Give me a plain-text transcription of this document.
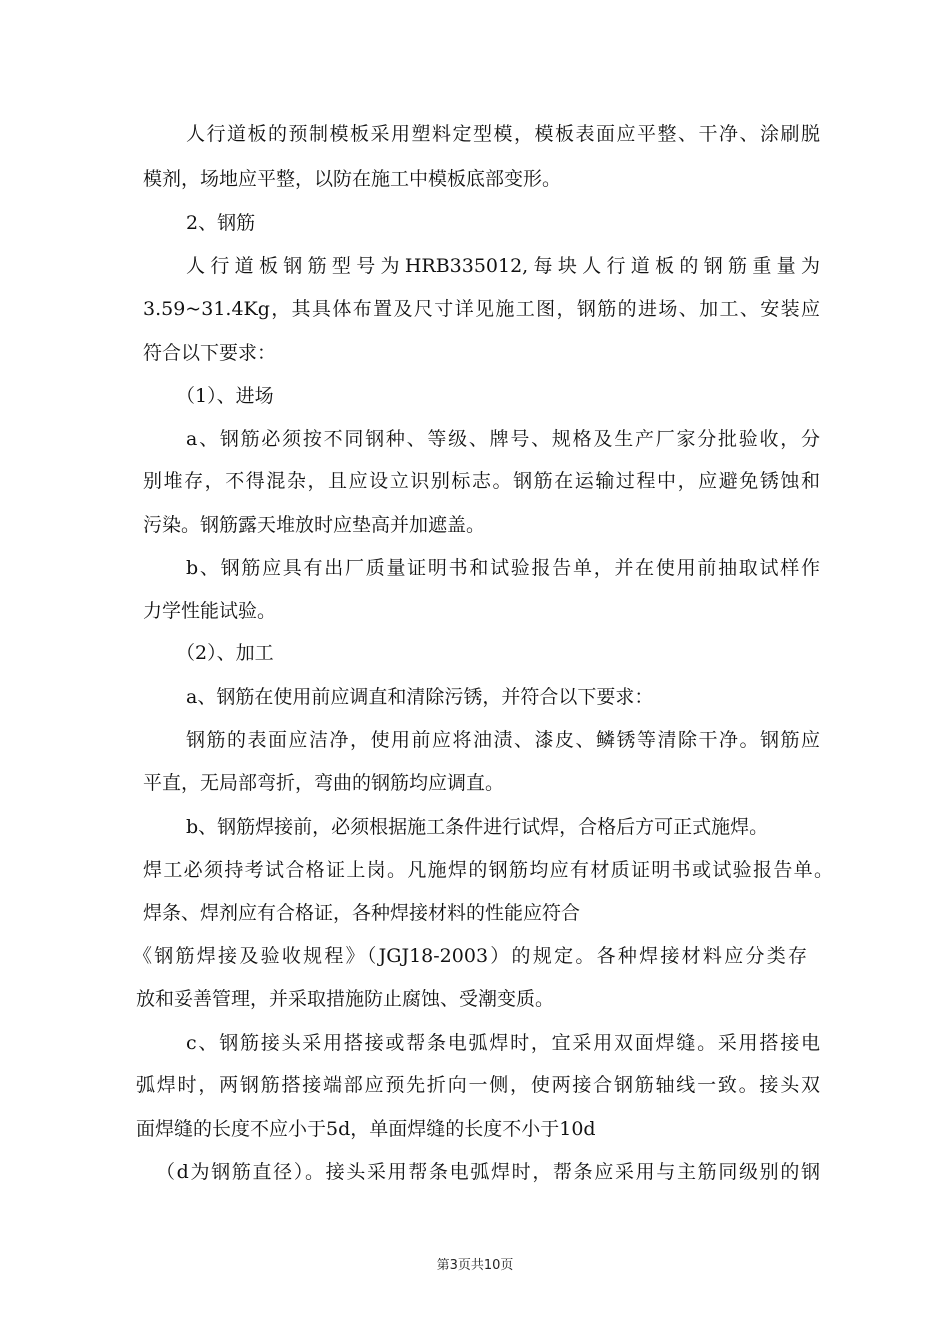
人行道板的预制模板采用塑料定型模，模板表面应平整、干净、涂刷脱
模剂，场地应平整，以防在施工中模板底部变形。
2、钢筋
人行道板钢筋型号为HRB335012,每块人行道板的钢筋重量为
3.59~31.4Kg，其具体布置及尺寸详见施工图，钢筋的进场、加工、安装应
符合以下要求：
（1）、进场
a、钢筋必须按不同钢种、等级、牌号、规格及生产厂家分批验收，分
别堆存，不得混杂，且应设立识别标志。钢筋在运输过程中，应避免锈蚀和
污染。钢筋露天堆放时应垫高并加遮盖。
b、钢筋应具有出厂质量证明书和试验报告单，并在使用前抽取试样作
力学性能试验。
（2）、加工
a、钢筋在使用前应调直和清除污锈，并符合以下要求：
钢筋的表面应洁净，使用前应将油渍、漆皮、鳞锈等清除干净。钢筋应
平直，无局部弯折，弯曲的钢筋均应调直。
b、钢筋焊接前，必须根据施工条件进行试焊，合格后方可正式施焊。
焊工必须持考试合格证上岗。凡施焊的钢筋均应有材质证明书或试验报告单。
焊条、焊剂应有合格证，各种焊接材料的性能应符合
《钢筋焊接及验收规程》（JGJ18-2003）的规定。各种焊接材料应分类存
放和妥善管理，并采取措施防止腐蚀、受潮变质。
c、钢筋接头采用搭接或帮条电弧焊时，宜采用双面焊缝。采用搭接电
弧焊时，两钢筋搭接端部应预先折向一侧，使两接合钢筋轴线一致。接头双
面焊缝的长度不应小于5d，单面焊缝的长度不小于10d
（d为钢筋直径）。接头采用帮条电弧焊时，帮条应采用与主筋同级别的钢
第3页共10页
